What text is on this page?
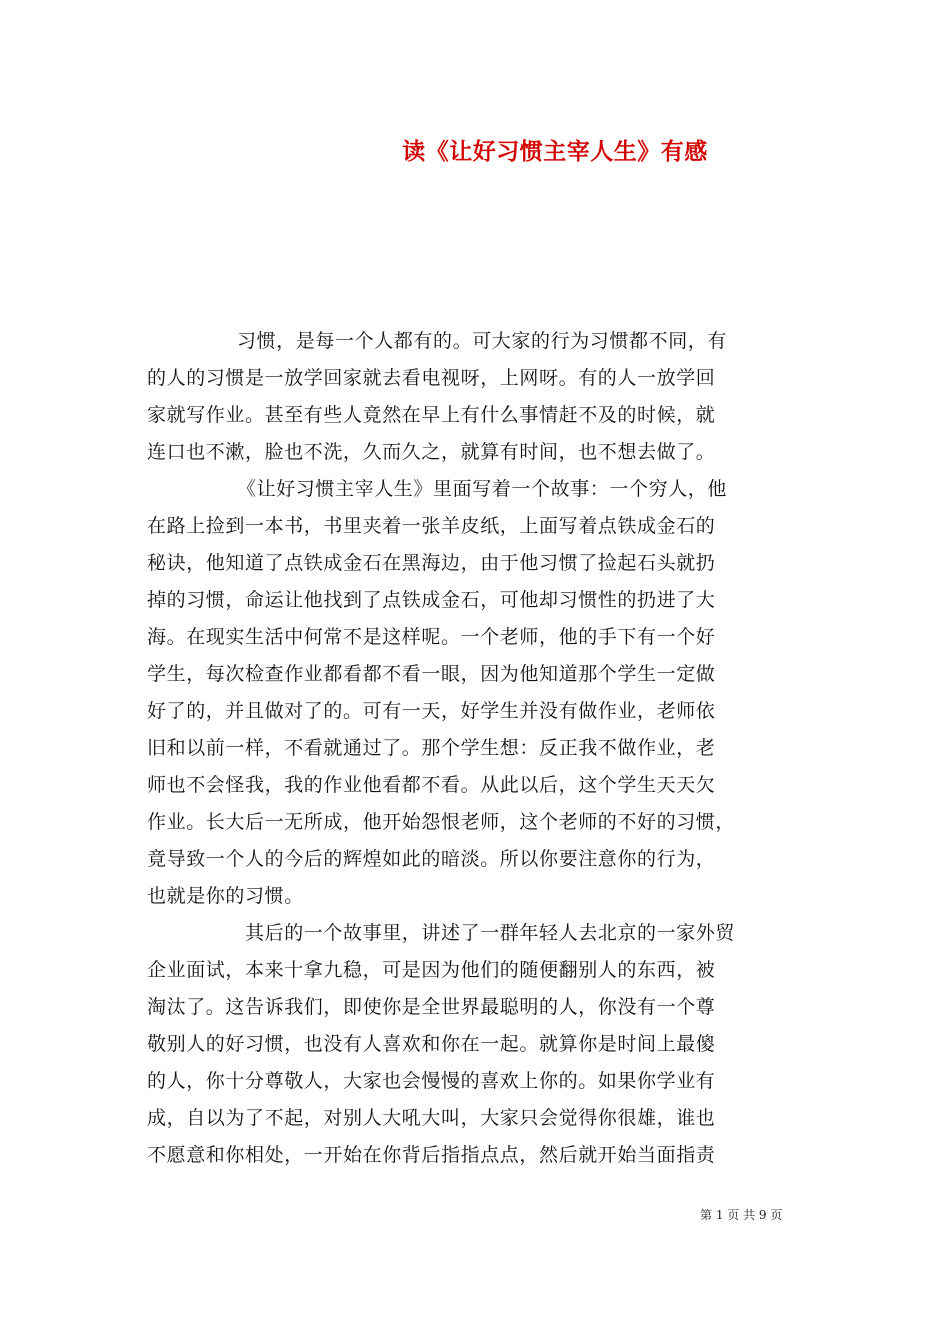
读《让好习惯主宰人生》有感
习惯，是每一个人都有的。可大家的行为习惯都不同，有
的人的习惯是一放学回家就去看电视呀，上网呀。有的人一放学回
家就写作业。甚至有些人竟然在早上有什么事情赶不及的时候，就
连口也不漱，脸也不洗，久而久之，就算有时间，也不想去做了。
《让好习惯主宰人生》里面写着一个故事：一个穷人，他
在路上捡到一本书，书里夹着一张羊皮纸，上面写着点铁成金石的
秘诀，他知道了点铁成金石在黑海边，由于他习惯了捡起石头就扔
掉的习惯，命运让他找到了点铁成金石，可他却习惯性的扔进了大
海。在现实生活中何常不是这样呢。一个老师，他的手下有一个好
学生，每次检查作业都看都不看一眼，因为他知道那个学生一定做
好了的，并且做对了的。可有一天，好学生并没有做作业，老师依
旧和以前一样，不看就通过了。那个学生想：反正我不做作业，老
师也不会怪我，我的作业他看都不看。从此以后，这个学生天天欠
作业。长大后一无所成，他开始怨恨老师，这个老师的不好的习惯，
竟导致一个人的今后的辉煌如此的暗淡。所以你要注意你的行为，
也就是你的习惯。
其后的一个故事里，讲述了一群年轻人去北京的一家外贸
企业面试，本来十拿九稳，可是因为他们的随便翻别人的东西，被
淘汰了。这告诉我们，即使你是全世界最聪明的人，你没有一个尊
敬别人的好习惯，也没有人喜欢和你在一起。就算你是时间上最傻
的人，你十分尊敬人，大家也会慢慢的喜欢上你的。如果你学业有
成，自以为了不起，对别人大吼大叫，大家只会觉得你很雄，谁也
不愿意和你相处，一开始在你背后指指点点，然后就开始当面指责
第 1 页 共 9 页
